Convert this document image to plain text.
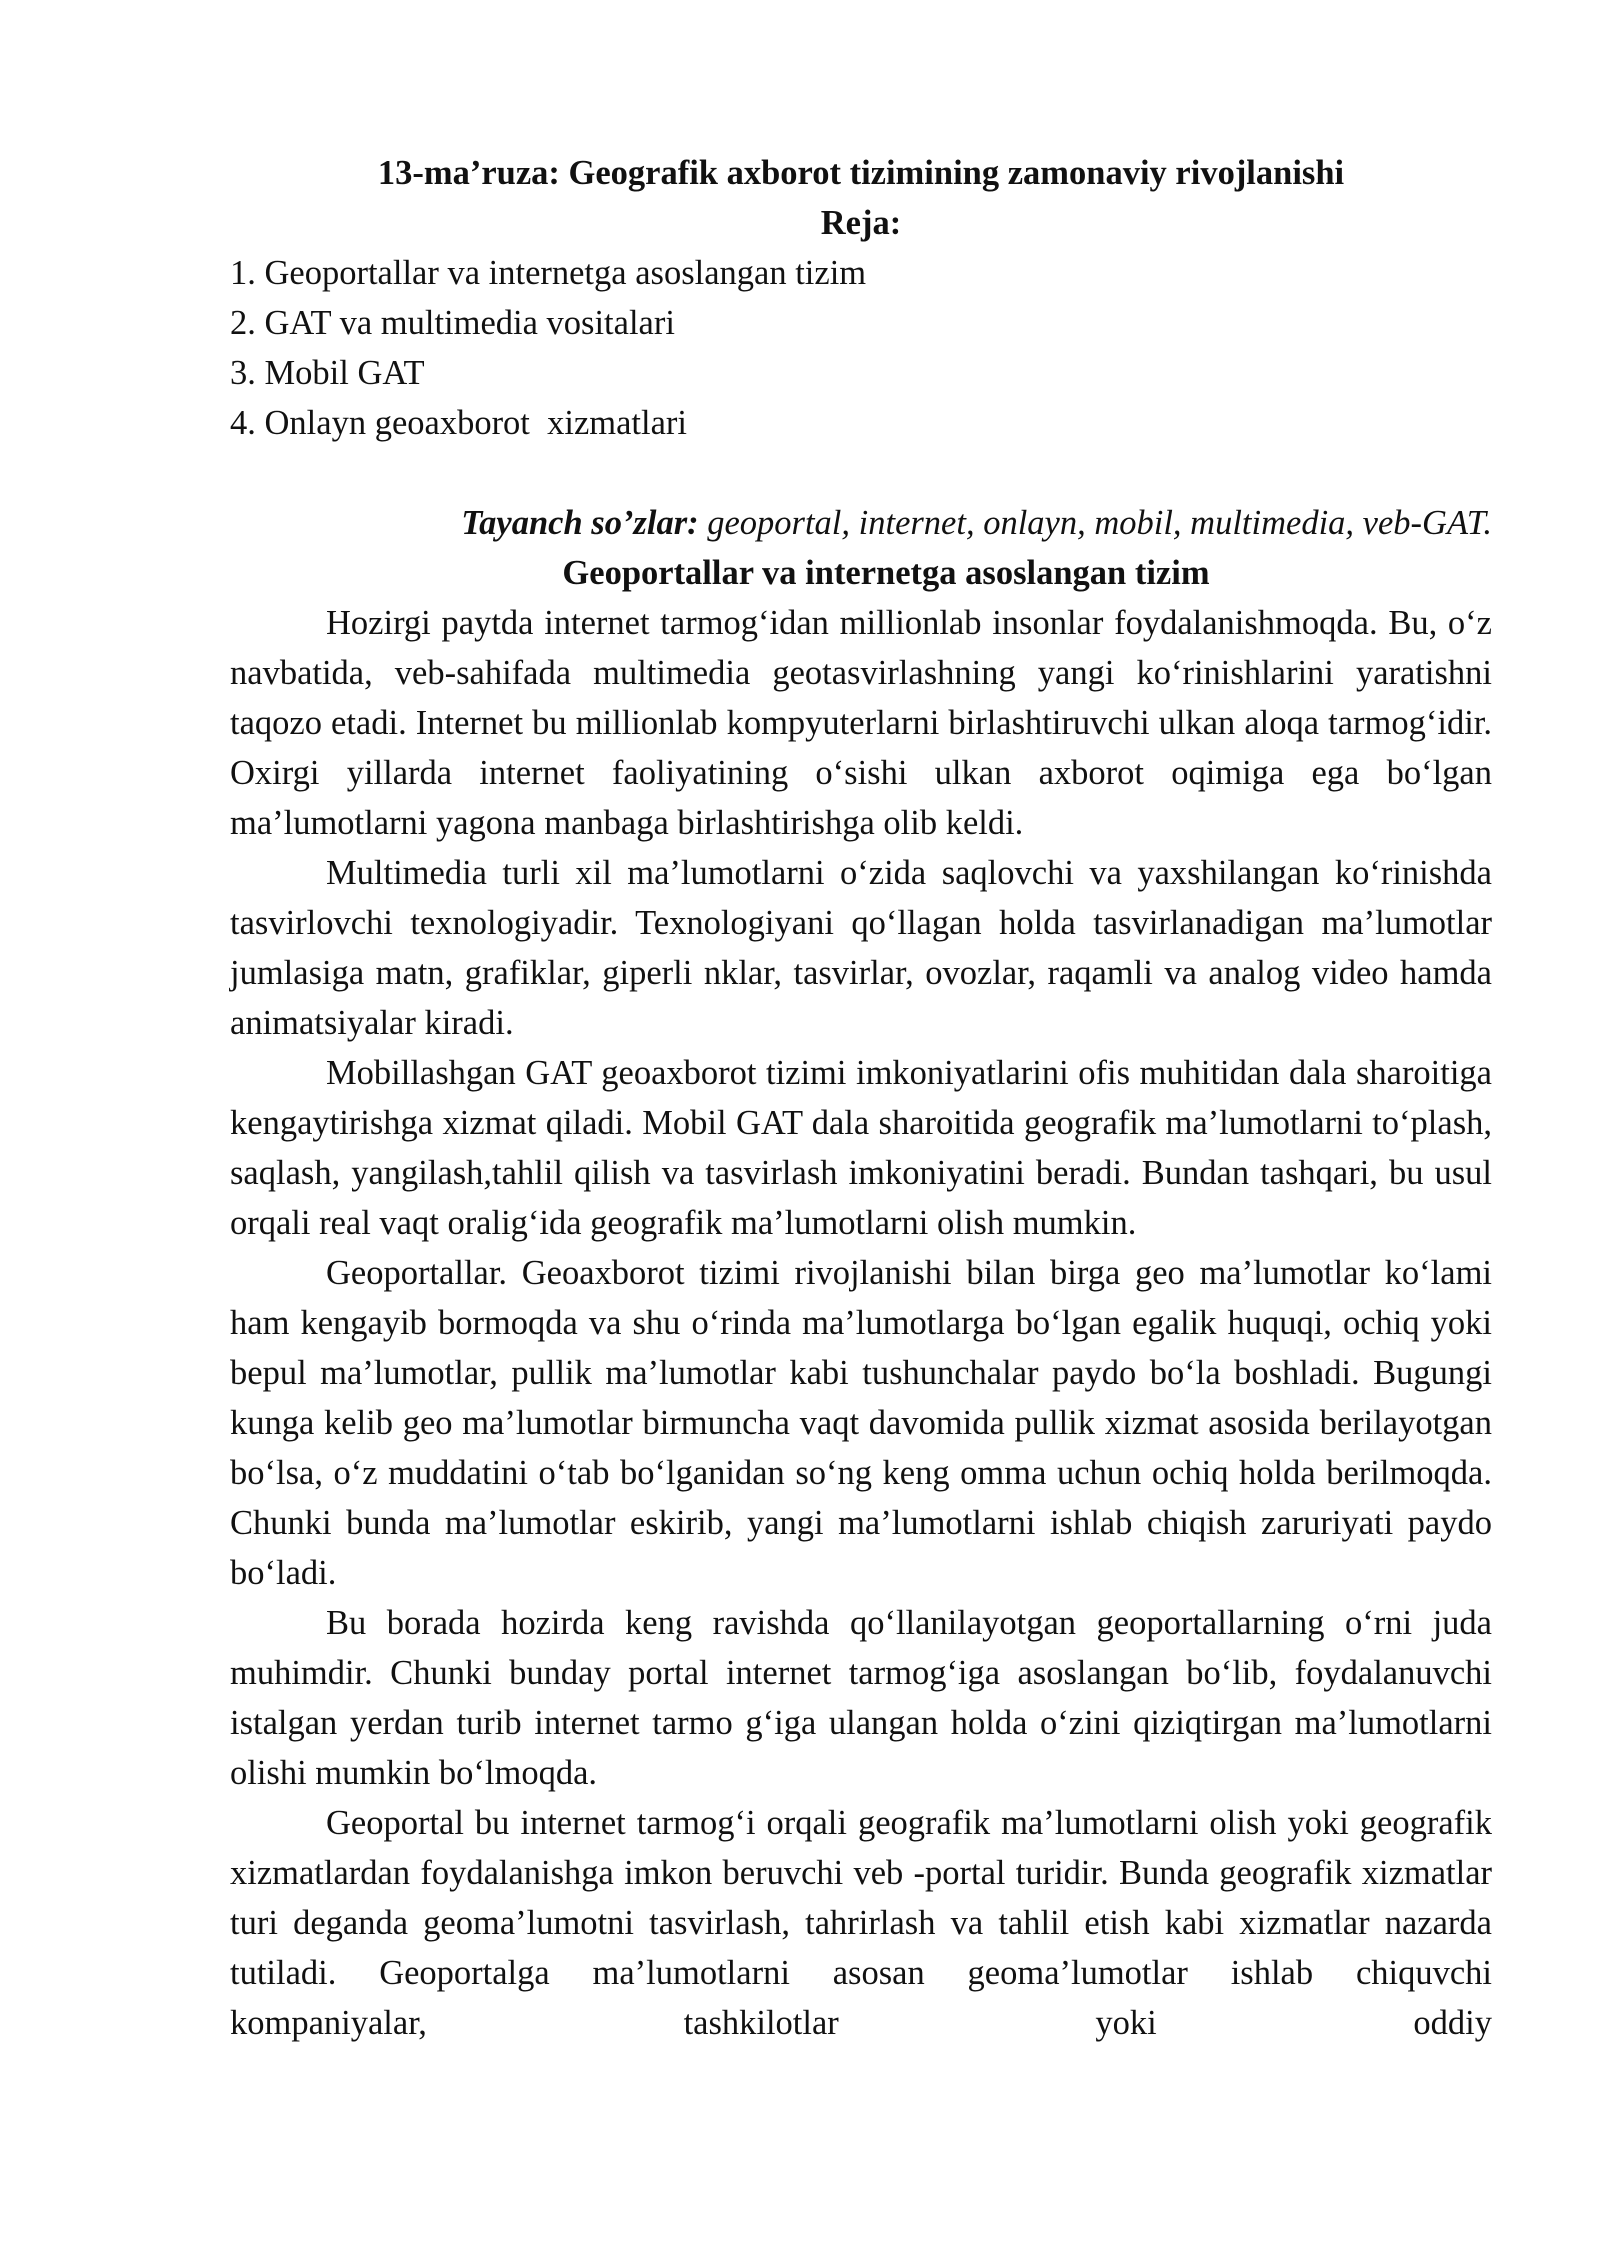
13-ma’ruza: Geografik axborot tizimining zamonaviy rivojlanishi

Reja:

1. Geoportallar va internetga asoslangan tizim

2. GAT va multimedia vositalari

3. Mobil GAT

4. Onlayn geoaxborot  xizmatlari

Tayanch so’zlar: geoportal, internet, onlayn, mobil, multimedia, veb-GAT.

Geoportallar va internetga asoslangan tizim

Hozirgi paytda internet tarmog‘idan millionlab insonlar foydalanishmoqda. Bu, o‘z navbatida, veb-sahifada multimedia geotasvirlashning yangi ko‘rinishlarini yaratishni taqozo etadi. Internet bu millionlab kompyuterlarni birlashtiruvchi ulkan aloqa tarmog‘idir. Oxirgi yillarda internet faoliyatining o‘sishi ulkan axborot oqimiga ega bo‘lgan ma’lumotlarni yagona manbaga birlashtirishga olib keldi.

Multimedia turli xil ma’lumotlarni o‘zida saqlovchi va yaxshilangan ko‘rinishda tasvirlovchi texnologiyadir. Texnologiyani qo‘llagan holda tasvirlanadigan ma’lumotlar jumlasiga matn, grafiklar, giperli nklar, tasvirlar, ovozlar, raqamli va analog video hamda animatsiyalar kiradi.

Mobillashgan GAT geoaxborot tizimi imkoniyatlarini ofis muhitidan dala sharoitiga kengaytirishga xizmat qiladi. Mobil GAT dala sharoitida geografik ma’lumotlarni to‘plash, saqlash, yangilash,tahlil qilish va tasvirlash imkoniyatini beradi. Bundan tashqari, bu usul orqali real vaqt oralig‘ida geografik ma’lumotlarni olish mumkin.

Geoportallar. Geoaxborot tizimi rivojlanishi bilan birga geo ma’lumotlar ko‘lami ham kengayib bormoqda va shu o‘rinda ma’lumotlarga bo‘lgan egalik huquqi, ochiq yoki bepul ma’lumotlar, pullik ma’lumotlar kabi tushunchalar paydo bo‘la boshladi. Bugungi kunga kelib geo ma’lumotlar birmuncha vaqt davomida pullik xizmat asosida berilayotgan bo‘lsa, o‘z muddatini o‘tab bo‘lganidan so‘ng keng omma uchun ochiq holda berilmoqda. Chunki bunda ma’lumotlar eskirib, yangi ma’lumotlarni ishlab chiqish zaruriyati paydo bo‘ladi.

Bu borada hozirda keng ravishda qo‘llanilayotgan geoportallarning o‘rni juda muhimdir. Chunki bunday portal internet tarmog‘iga asoslangan bo‘lib, foydalanuvchi istalgan yerdan turib internet tarmo g‘iga ulangan holda o‘zini qiziqtirgan ma’lumotlarni olishi mumkin bo‘lmoqda.

Geoportal bu internet tarmog‘i orqali geografik ma’lumotlarni olish yoki geografik xizmatlardan foydalanishga imkon beruvchi veb -portal turidir. Bunda geografik xizmatlar turi deganda geoma’lumotni tasvirlash, tahrirlash va tahlil etish kabi xizmatlar nazarda tutiladi. Geoportalga ma’lumotlarni asosan geoma’lumotlar ishlab chiquvchi kompaniyalar, tashkilotlar yoki oddiy
